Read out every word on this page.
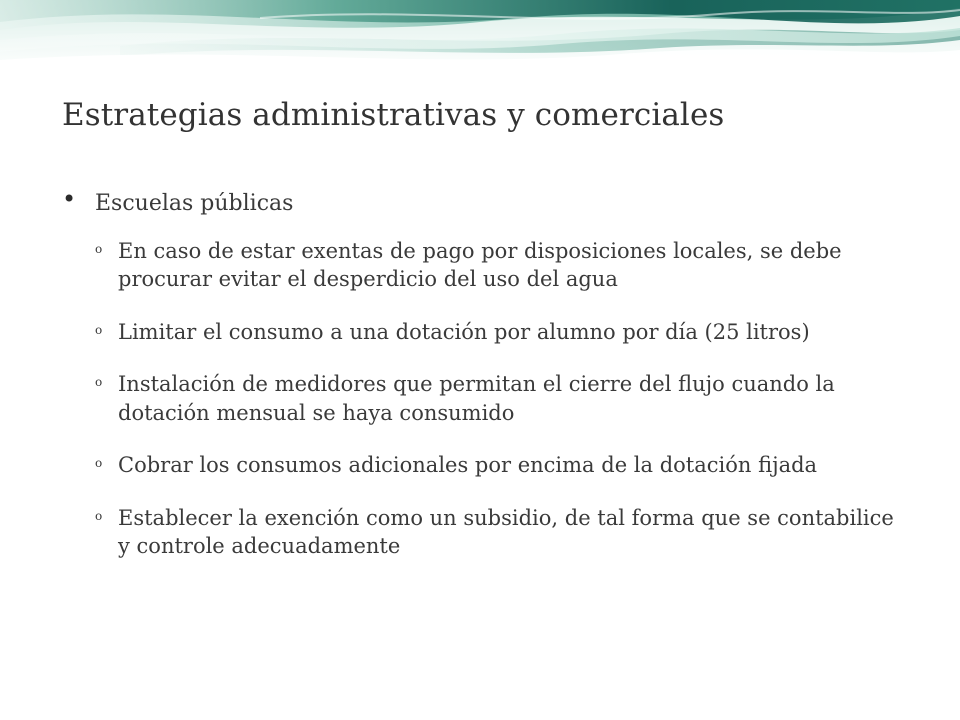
Estrategias administrativas y comerciales
• Escuelas públicas
o En caso de estar exentas de pago por disposiciones locales, se debe procurar evitar el desperdicio del uso del agua
o Limitar el consumo a una dotación por alumno por día (25 litros)
o Instalación de medidores que permitan el cierre del flujo cuando la dotación mensual se haya consumido
o Cobrar los consumos adicionales por encima de la dotación fijada
o Establecer la exención como un subsidio, de tal forma que se contabilice y controle adecuadamente
